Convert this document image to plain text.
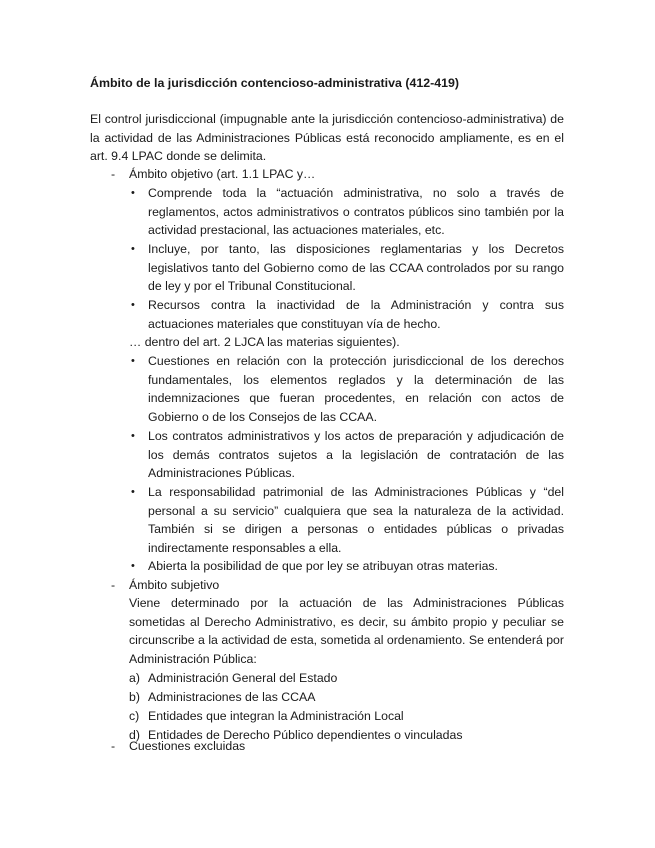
Ámbito de la jurisdicción contencioso-administrativa (412-419)
El control jurisdiccional (impugnable ante la jurisdicción contencioso-administrativa) de la actividad de las Administraciones Públicas está reconocido ampliamente, es en el art. 9.4 LPAC donde se delimita.
-	Ámbito objetivo (art. 1.1 LPAC y…
• Comprende toda la “actuación administrativa, no solo a través de reglamentos, actos administrativos o contratos públicos sino también por la actividad prestacional, las actuaciones materiales, etc.
• Incluye, por tanto, las disposiciones reglamentarias y los Decretos legislativos tanto del Gobierno como de las CCAA controlados por su rango de ley y por el Tribunal Constitucional.
• Recursos contra la inactividad de la Administración y contra sus actuaciones materiales que constituyan vía de hecho.
… dentro del art. 2 LJCA las materias siguientes).
• Cuestiones en relación con la protección jurisdiccional de los derechos fundamentales, los elementos reglados y la determinación de las indemnizaciones que fueran procedentes, en relación con actos de Gobierno o de los Consejos de las CCAA.
• Los contratos administrativos y los actos de preparación y adjudicación de los demás contratos sujetos a la legislación de contratación de las Administraciones Públicas.
• La responsabilidad patrimonial de las Administraciones Públicas y “del personal a su servicio” cualquiera que sea la naturaleza de la actividad. También si se dirigen a personas o entidades públicas o privadas indirectamente responsables a ella.
• Abierta la posibilidad de que por ley se atribuyan otras materias.
-	Ámbito subjetivo
Viene determinado por la actuación de las Administraciones Públicas sometidas al Derecho Administrativo, es decir, su ámbito propio y peculiar se circunscribe a la actividad de esta, sometida al ordenamiento. Se entenderá por Administración Pública:
a) Administración General del Estado
b) Administraciones de las CCAA
c) Entidades que integran la Administración Local
d) Entidades de Derecho Público dependientes o vinculadas
-	Cuestiones excluidas
